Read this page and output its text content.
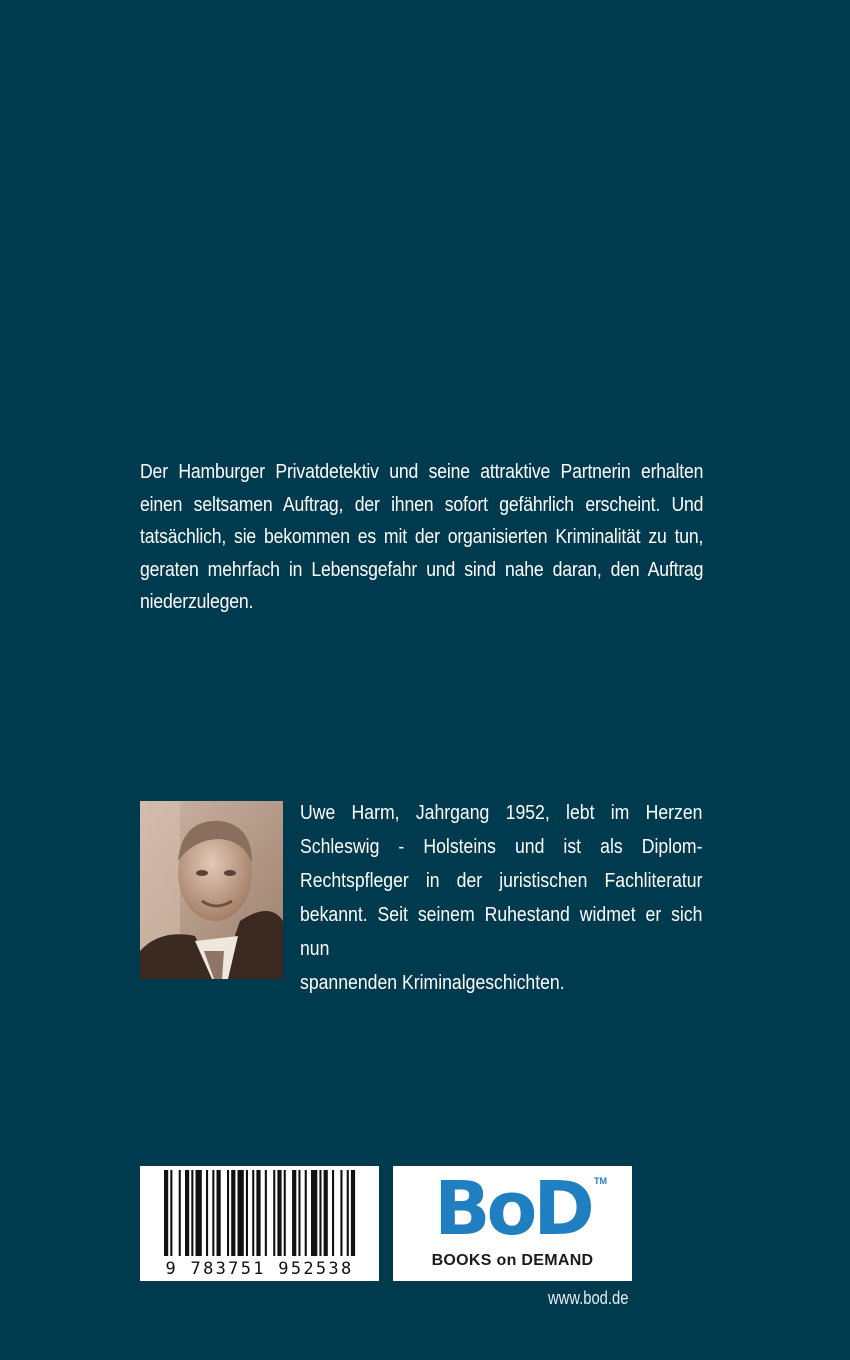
Der Hamburger Privatdetektiv und seine attraktive Partnerin erhalten einen seltsamen Auftrag, der ihnen sofort gefährlich erscheint. Und tatsächlich, sie bekommen es mit der organisierten Kriminalität zu tun, geraten mehrfach in Lebensgefahr und sind nahe daran, den Auftrag niederzulegen.
Uwe Harm, Jahrgang 1952, lebt im Herzen
Schleswig - Holsteins und ist als Diplom-
Rechtspfleger in der juristischen Fachliteratur
bekannt. Seit seinem Ruhestand widmet er sich nun
spannenden Kriminalgeschichten.
9 783751 952538
BoD TM
BOOKS on DEMAND
www.bod.de
